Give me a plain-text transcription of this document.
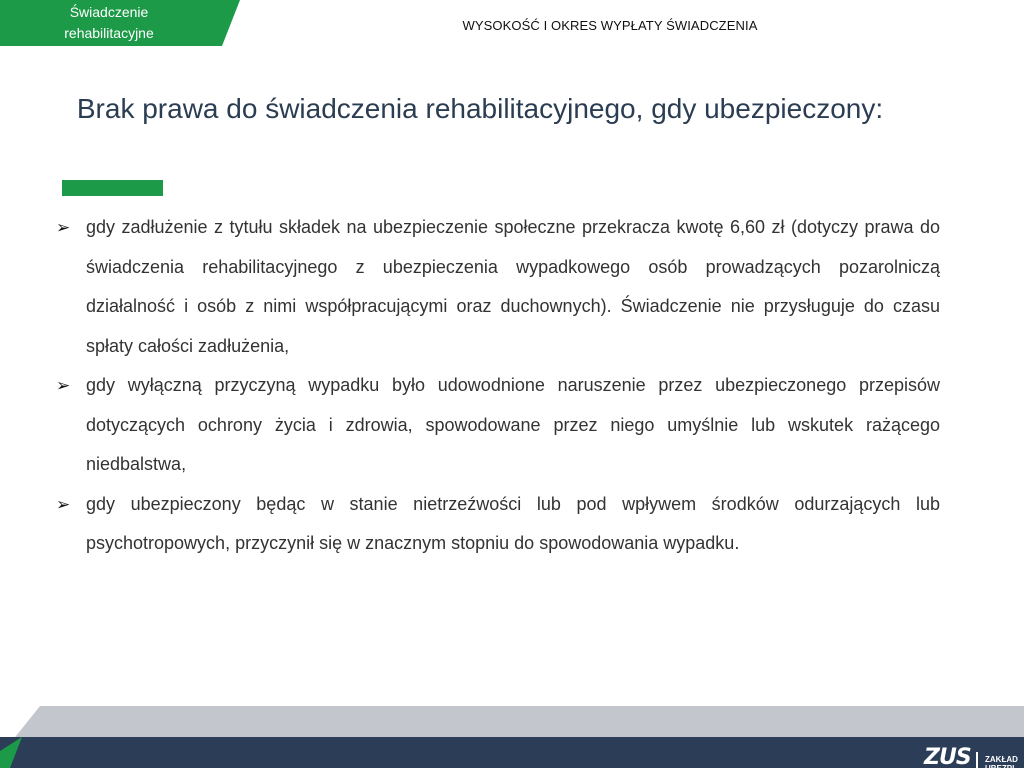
Świadczenie
rehabilitacyjne	WYSOKOŚĆ I OKRES WYPŁATY ŚWIADCZENIA
Brak prawa do świadczenia rehabilitacyjnego, gdy ubezpieczony:
➢ gdy zadłużenie z tytułu składek na ubezpieczenie społeczne przekracza kwotę 6,60 zł (dotyczy prawa do świadczenia rehabilitacyjnego z ubezpieczenia wypadkowego osób prowadzących pozarolniczą działalność i osób z nimi współpracującymi oraz duchownych). Świadczenie nie przysługuje do czasu spłaty całości zadłużenia,
➢ gdy wyłączną przyczyną wypadku było udowodnione naruszenie przez ubezpieczonego przepisów dotyczących ochrony życia i zdrowia, spowodowane przez niego umyślnie lub wskutek rażącego niedbalstwa,
➢ gdy ubezpieczony będąc w stanie nietrzeźwości lub pod wpływem środków odurzających lub psychotropowych, przyczynił się w znacznym stopniu do spowodowania wypadku.
ZUS ZAKŁAD
UBEZPI
